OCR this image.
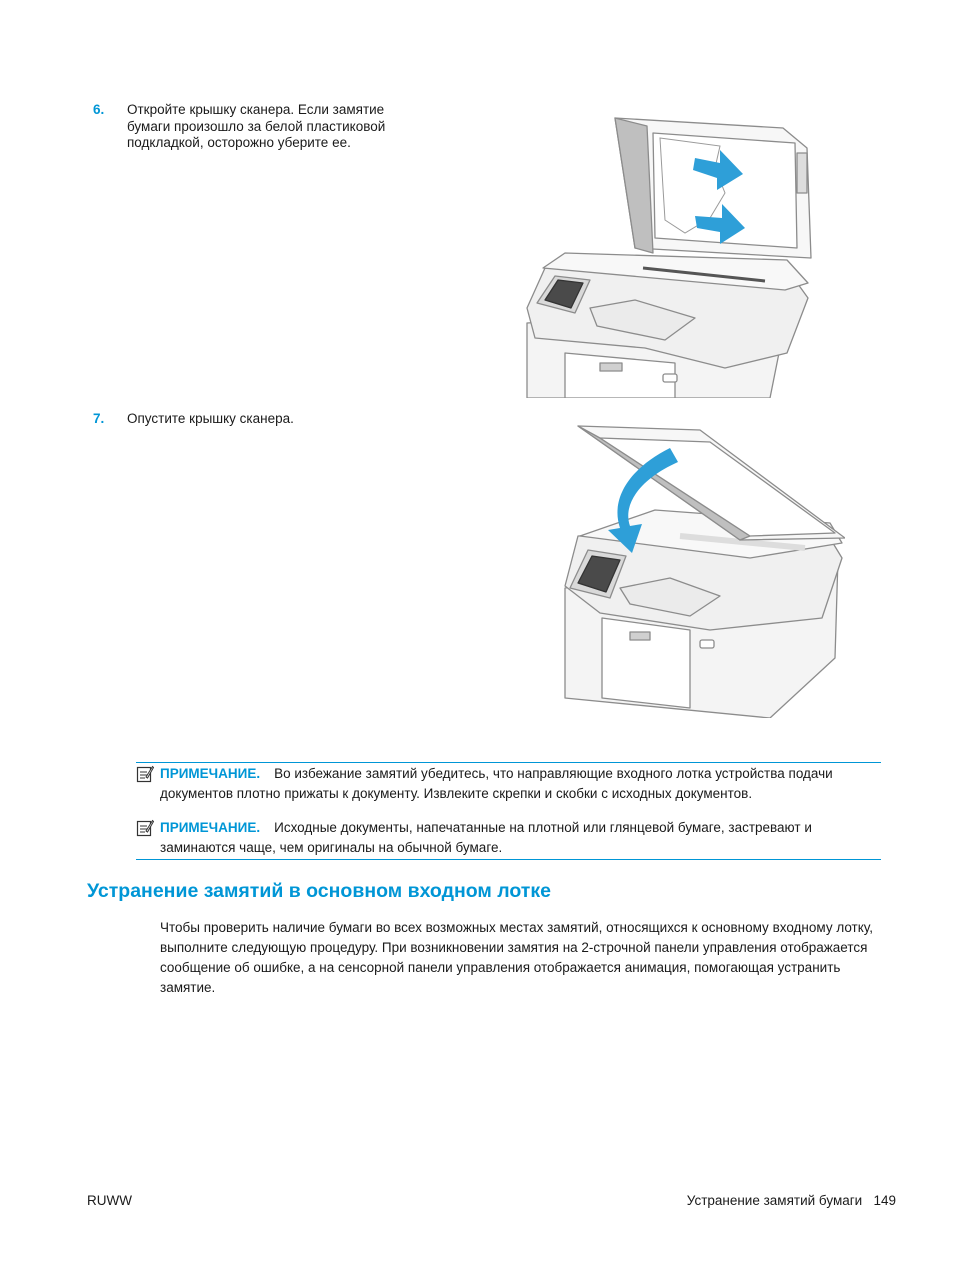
6. Откройте крышку сканера. Если замятие
бумаги произошло за белой пластиковой
подкладкой, осторожно уберите ее.
7. Опустите крышку сканера.
ПРИМЕЧАНИЕ. Во избежание замятий убедитесь, что направляющие входного лотка устройства подачи документов плотно прижаты к документу. Извлеките скрепки и скобки с исходных документов.
ПРИМЕЧАНИЕ. Исходные документы, напечатанные на плотной или глянцевой бумаге, застревают и заминаются чаще, чем оригиналы на обычной бумаге.
Устранение замятий в основном входном лотке

Чтобы проверить наличие бумаги во всех возможных местах замятий, относящихся к основному входному лотку, выполните следующую процедуру. При возникновении замятия на 2-строчной панели управления отображается сообщение об ошибке, а на сенсорной панели управления отображается анимация, помогающая устранить замятие.

RUWW	Устранение замятий бумаги 149
